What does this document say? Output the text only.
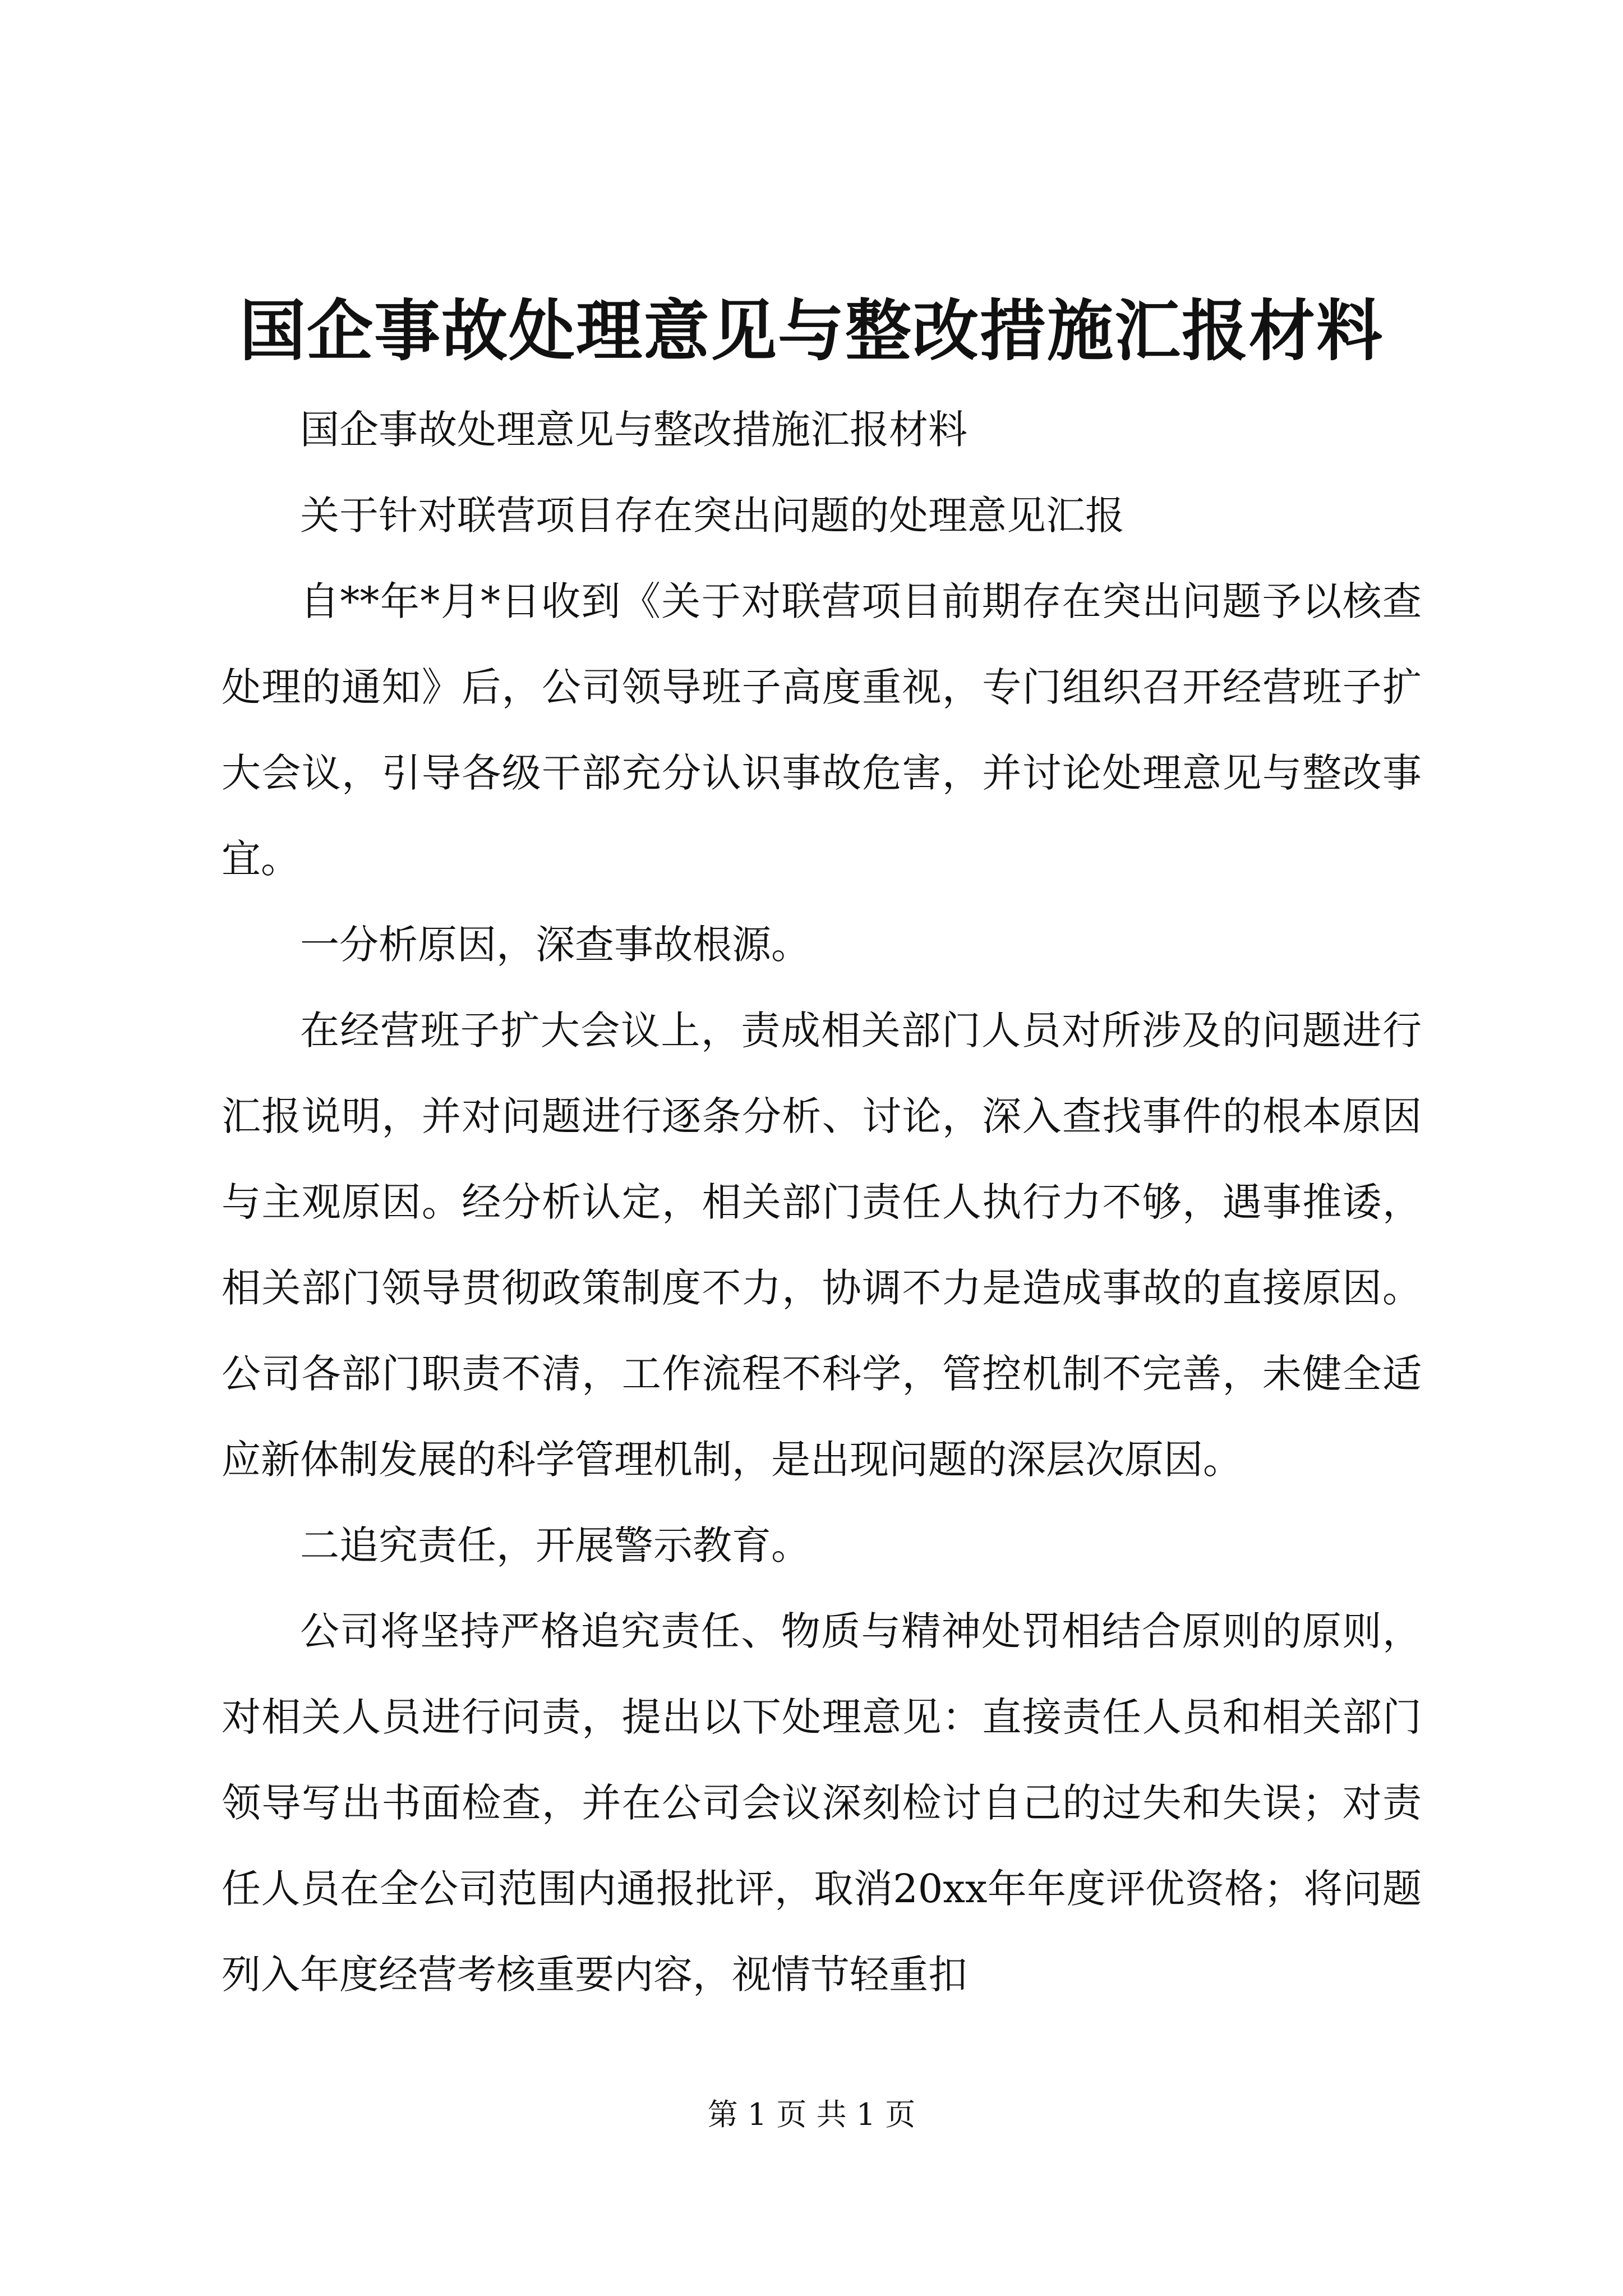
国企事故处理意见与整改措施汇报材料

国企事故处理意见与整改措施汇报材料

关于针对联营项目存在突出问题的处理意见汇报

自**年*月*日收到《关于对联营项目前期存在突出问题予以核查处理的通知》后，公司领导班子高度重视，专门组织召开经营班子扩大会议，引导各级干部充分认识事故危害，并讨论处理意见与整改事宜。

一分析原因，深查事故根源。

在经营班子扩大会议上，责成相关部门人员对所涉及的问题进行汇报说明，并对问题进行逐条分析、讨论，深入查找事件的根本原因与主观原因。经分析认定，相关部门责任人执行力不够，遇事推诿，相关部门领导贯彻政策制度不力，协调不力是造成事故的直接原因。公司各部门职责不清，工作流程不科学，管控机制不完善，未健全适应新体制发展的科学管理机制，是出现问题的深层次原因。

二追究责任，开展警示教育。

公司将坚持严格追究责任、物质与精神处罚相结合原则的原则，对相关人员进行问责，提出以下处理意见：直接责任人员和相关部门领导写出书面检查，并在公司会议深刻检讨自己的过失和失误；对责任人员在全公司范围内通报批评，取消20xx年年度评优资格；将问题列入年度经营考核重要内容，视情节轻重扣

第 1 页 共 1 页
